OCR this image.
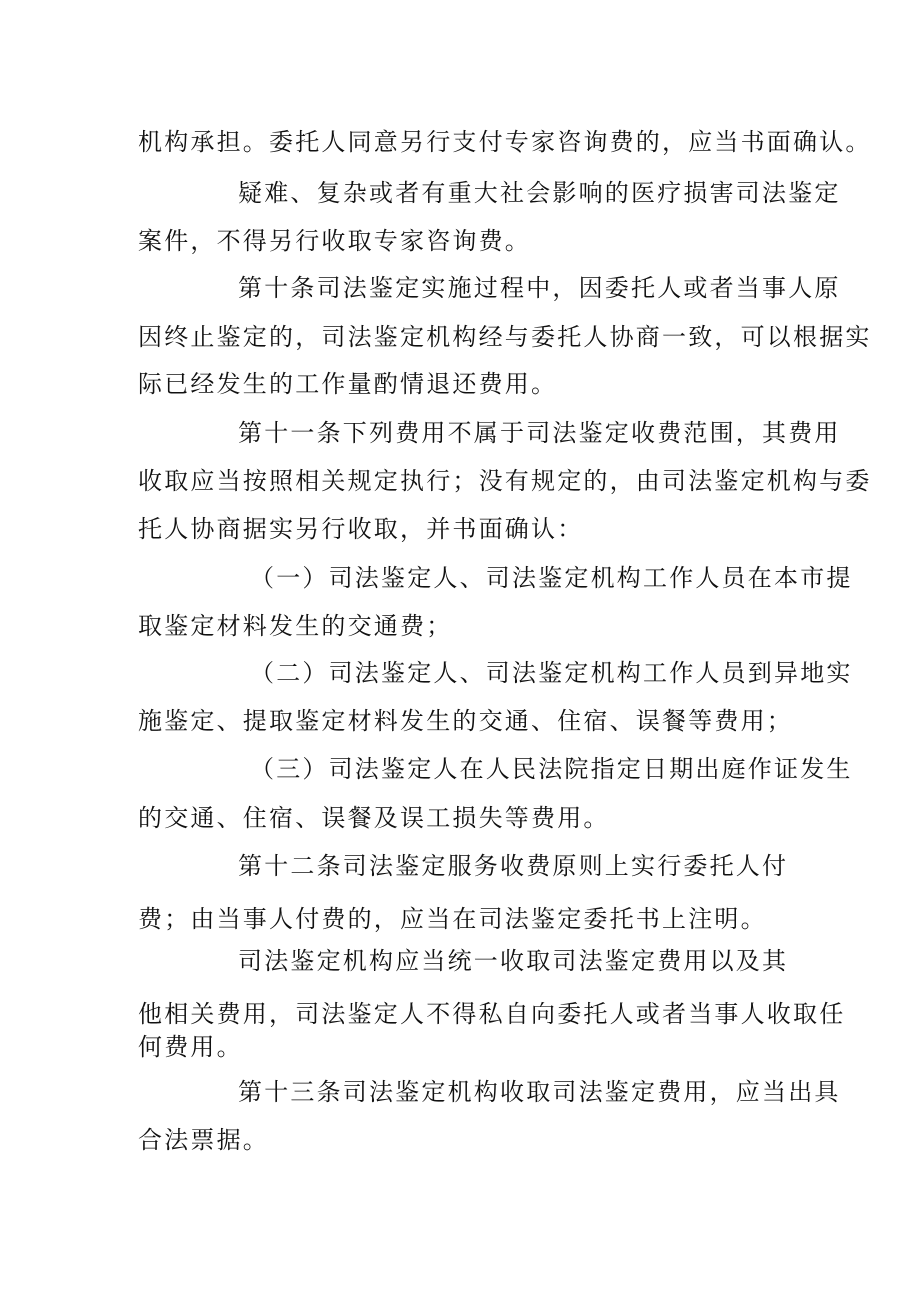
机构承担。委托人同意另行支付专家咨询费的，应当书面确认。
疑难、复杂或者有重大社会影响的医疗损害司法鉴定
案件，不得另行收取专家咨询费。
第十条司法鉴定实施过程中，因委托人或者当事人原
因终止鉴定的，司法鉴定机构经与委托人协商一致，可以根据实
际已经发生的工作量酌情退还费用。
第十一条下列费用不属于司法鉴定收费范围，其费用
收取应当按照相关规定执行；没有规定的，由司法鉴定机构与委
托人协商据实另行收取，并书面确认：
（一）司法鉴定人、司法鉴定机构工作人员在本市提
取鉴定材料发生的交通费；
（二）司法鉴定人、司法鉴定机构工作人员到异地实
施鉴定、提取鉴定材料发生的交通、住宿、误餐等费用；
（三）司法鉴定人在人民法院指定日期出庭作证发生
的交通、住宿、误餐及误工损失等费用。
第十二条司法鉴定服务收费原则上实行委托人付
费；由当事人付费的，应当在司法鉴定委托书上注明。
司法鉴定机构应当统一收取司法鉴定费用以及其
他相关费用，司法鉴定人不得私自向委托人或者当事人收取任
何费用。
第十三条司法鉴定机构收取司法鉴定费用，应当出具
合法票据。
